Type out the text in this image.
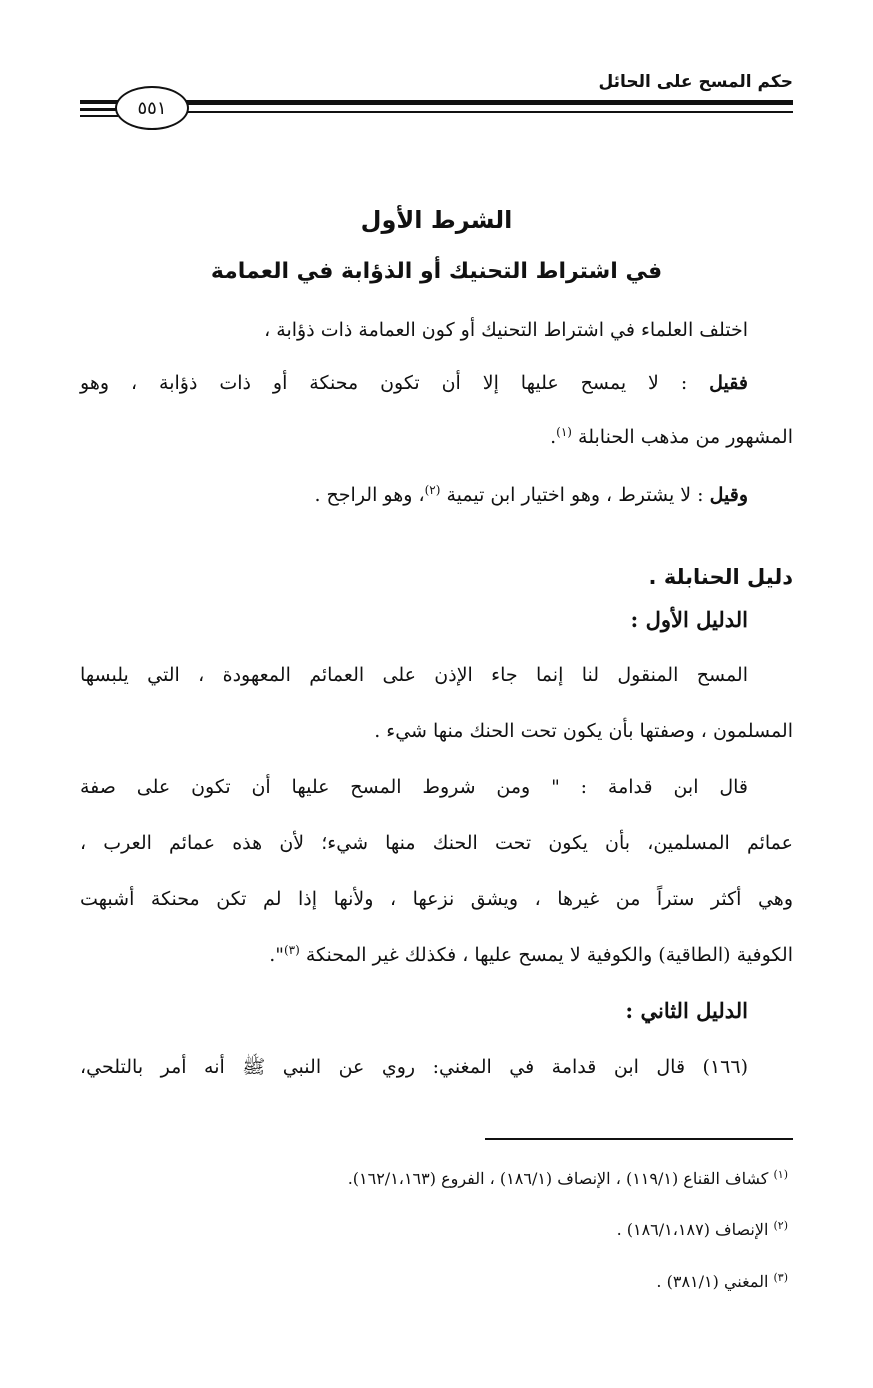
حكم المسح على الحائل
٥٥١
الشرط الأول
في اشتراط التحنيك أو الذؤابة في العمامة
اختلف العلماء في اشتراط التحنيك أو كون العمامة ذات ذؤابة ،
فقيل : لا يمسح عليها إلا أن تكون محنكة أو ذات ذؤابة ، وهو
المشهور من مذهب الحنابلة $^{(١)}$.
وقيل : لا يشترط ، وهو اختيار ابن تيمية $^{(٢)}$، وهو الراجح .
دليل الحنابلة .
الدليل الأول :
المسح المنقول لنا إنما جاء الإذن على العمائم المعهودة ، التي يلبسها
المسلمون ، وصفتها بأن يكون تحت الحنك منها شيء .
قال ابن قدامة : " ومن شروط المسح عليها أن تكون على صفة
عمائم المسلمين، بأن يكون تحت الحنك منها شيء؛ لأن هذه عمائم العرب ،
وهي أكثر ستراً من غيرها ، ويشق نزعها ، ولأنها إذا لم تكن محنكة أشبهت
الكوفية (الطاقية) والكوفية لا يمسح عليها ، فكذلك غير المحنكة $^{(٣)}$".
الدليل الثاني :
(١٦٦) قال ابن قدامة في المغني: روي عن النبي ﷺ أنه أمر بالتلحي،
$^{(١)}$ كشاف القناع (١١٩/١) ، الإنصاف (١٨٦/١) ، الفروع (١٦٢/١،١٦٣).
$^{(٢)}$ الإنصاف (١٨٦/١،١٨٧) .
$^{(٣)}$ المغني (٣٨١/١) .
